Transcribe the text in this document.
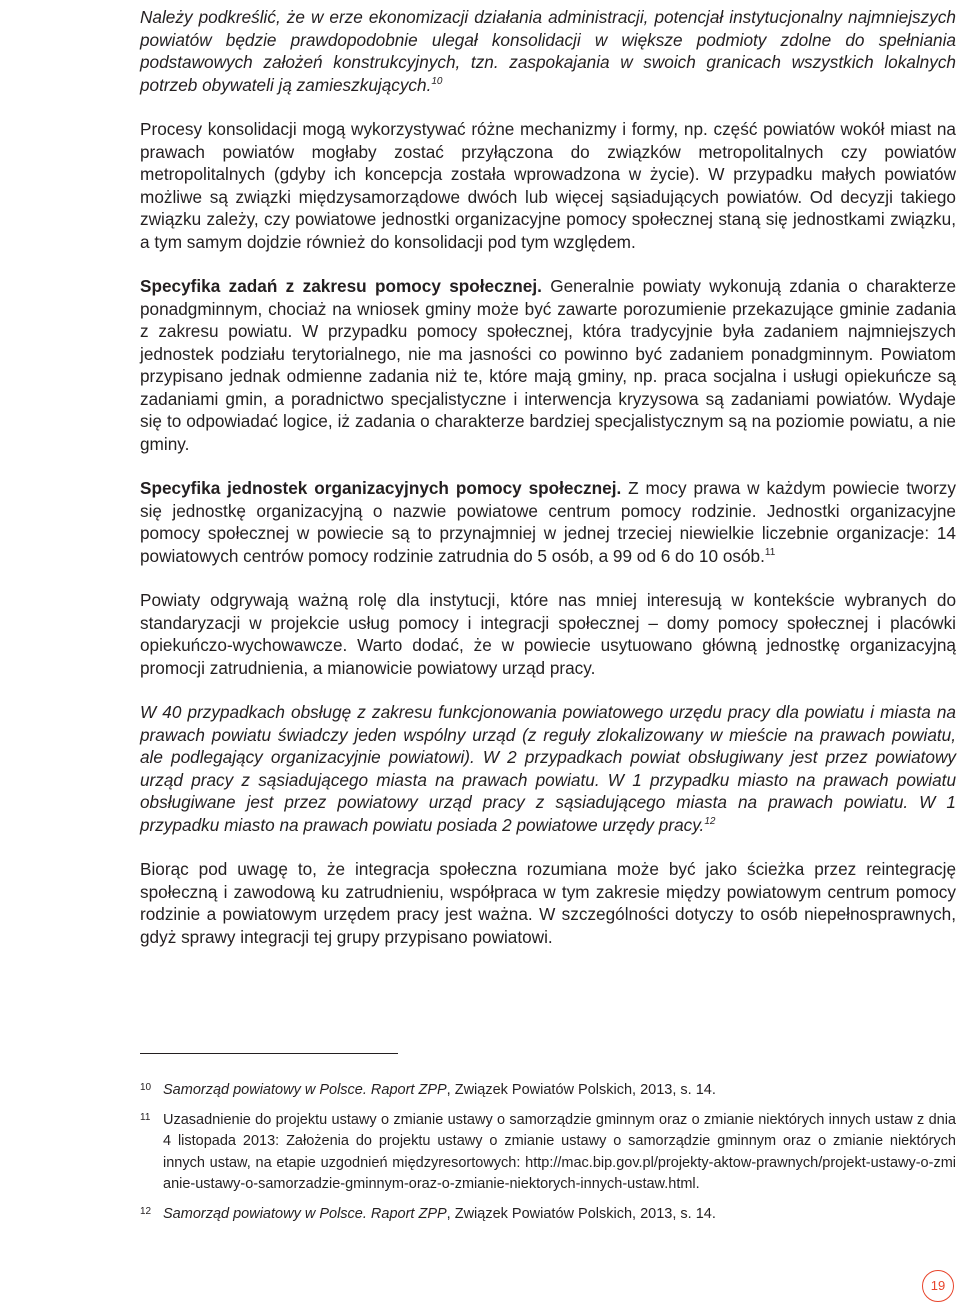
Należy podkreślić, że w erze ekonomizacji działania administracji, potencjał instytucjonalny najmniejszych powiatów będzie prawdopodobnie ulegał konsolidacji w większe podmioty zdolne do spełniania podstawowych założeń konstrukcyjnych, tzn. zaspokajania w swoich granicach wszystkich lokalnych potrzeb obywateli ją zamieszkujących.$^{10}$

Procesy konsolidacji mogą wykorzystywać różne mechanizmy i formy, np. część powiatów wokół miast na prawach powiatów mogłaby zostać przyłączona do związków metropolitalnych czy powiatów metropolitalnych (gdyby ich koncepcja została wprowadzona w życie). W przypadku małych powiatów możliwe są związki międzysamorządowe dwóch lub więcej sąsiadujących powiatów. Od decyzji takiego związku zależy, czy powiatowe jednostki organizacyjne pomocy społecznej staną się jednostkami związku, a tym samym dojdzie również do konsolidacji pod tym względem.

Specyfika zadań z zakresu pomocy społecznej. Generalnie powiaty wykonują zdania o charakterze ponadgminnym, chociaż na wniosek gminy może być zawarte porozumienie przekazujące gminie zadania z zakresu powiatu. W przypadku pomocy społecznej, która tradycyjnie była zadaniem najmniejszych jednostek podziału terytorialnego, nie ma jasności co powinno być zadaniem ponadgminnym. Powiatom przypisano jednak odmienne zadania niż te, które mają gminy, np. praca socjalna i usługi opiekuńcze są zadaniami gmin, a poradnictwo specjalistyczne i interwencja kryzysowa są zadaniami powiatów. Wydaje się to odpowiadać logice, iż zadania o charakterze bardziej specjalistycznym są na poziomie powiatu, a nie gminy.

Specyfika jednostek organizacyjnych pomocy społecznej. Z mocy prawa w każdym powiecie tworzy się jednostkę organizacyjną o nazwie powiatowe centrum pomocy rodzinie. Jednostki organizacyjne pomocy społecznej w powiecie są to przynajmniej w jednej trzeciej niewielkie liczebnie organizacje: 14 powiatowych centrów pomocy rodzinie zatrudnia do 5 osób, a 99 od 6 do 10 osób.$^{11}$

Powiaty odgrywają ważną rolę dla instytucji, które nas mniej interesują w kontekście wybranych do standaryzacji w projekcie usług pomocy i integracji społecznej – domy pomocy społecznej i placówki opiekuńczo-wychowawcze. Warto dodać, że w powiecie usytuowano główną jednostkę organizacyjną promocji zatrudnienia, a mianowicie powiatowy urząd pracy.

W 40 przypadkach obsługę z zakresu funkcjonowania powiatowego urzędu pracy dla powiatu i miasta na prawach powiatu świadczy jeden wspólny urząd (z reguły zlokalizowany w mieście na prawach powiatu, ale podlegający organizacyjnie powiatowi). W 2 przypadkach powiat obsługiwany jest przez powiatowy urząd pracy z sąsiadującego miasta na prawach powiatu. W 1 przypadku miasto na prawach powiatu obsługiwane jest przez powiatowy urząd pracy z sąsiadującego miasta na prawach powiatu. W 1 przypadku miasto na prawach powiatu posiada 2 powiatowe urzędy pracy.$^{12}$

Biorąc pod uwagę to, że integracja społeczna rozumiana może być jako ścieżka przez reintegrację społeczną i zawodową ku zatrudnieniu, współpraca w tym zakresie między powiatowym centrum pomocy rodzinie a powiatowym urzędem pracy jest ważna. W szczególności dotyczy to osób niepełnosprawnych, gdyż sprawy integracji tej grupy przypisano powiatowi.

10 Samorząd powiatowy w Polsce. Raport ZPP, Związek Powiatów Polskich, 2013, s. 14.

11 Uzasadnienie do projektu ustawy o zmianie ustawy o samorządzie gminnym oraz o zmianie niektórych innych ustaw z dnia 4 listopada 2013: Założenia do projektu ustawy o zmianie ustawy o samorządzie gminnym oraz o zmianie niektórych innych ustaw, na etapie uzgodnień międzyresortowych: http://mac.bip.gov.pl/projekty-aktow-prawnych/projekt-ustawy-o-zmianie-ustawy-o-samorzadzie-gminnym-oraz-o-zmianie-niektorych-innych-ustaw.html.

12 Samorząd powiatowy w Polsce. Raport ZPP, Związek Powiatów Polskich, 2013, s. 14.

19
